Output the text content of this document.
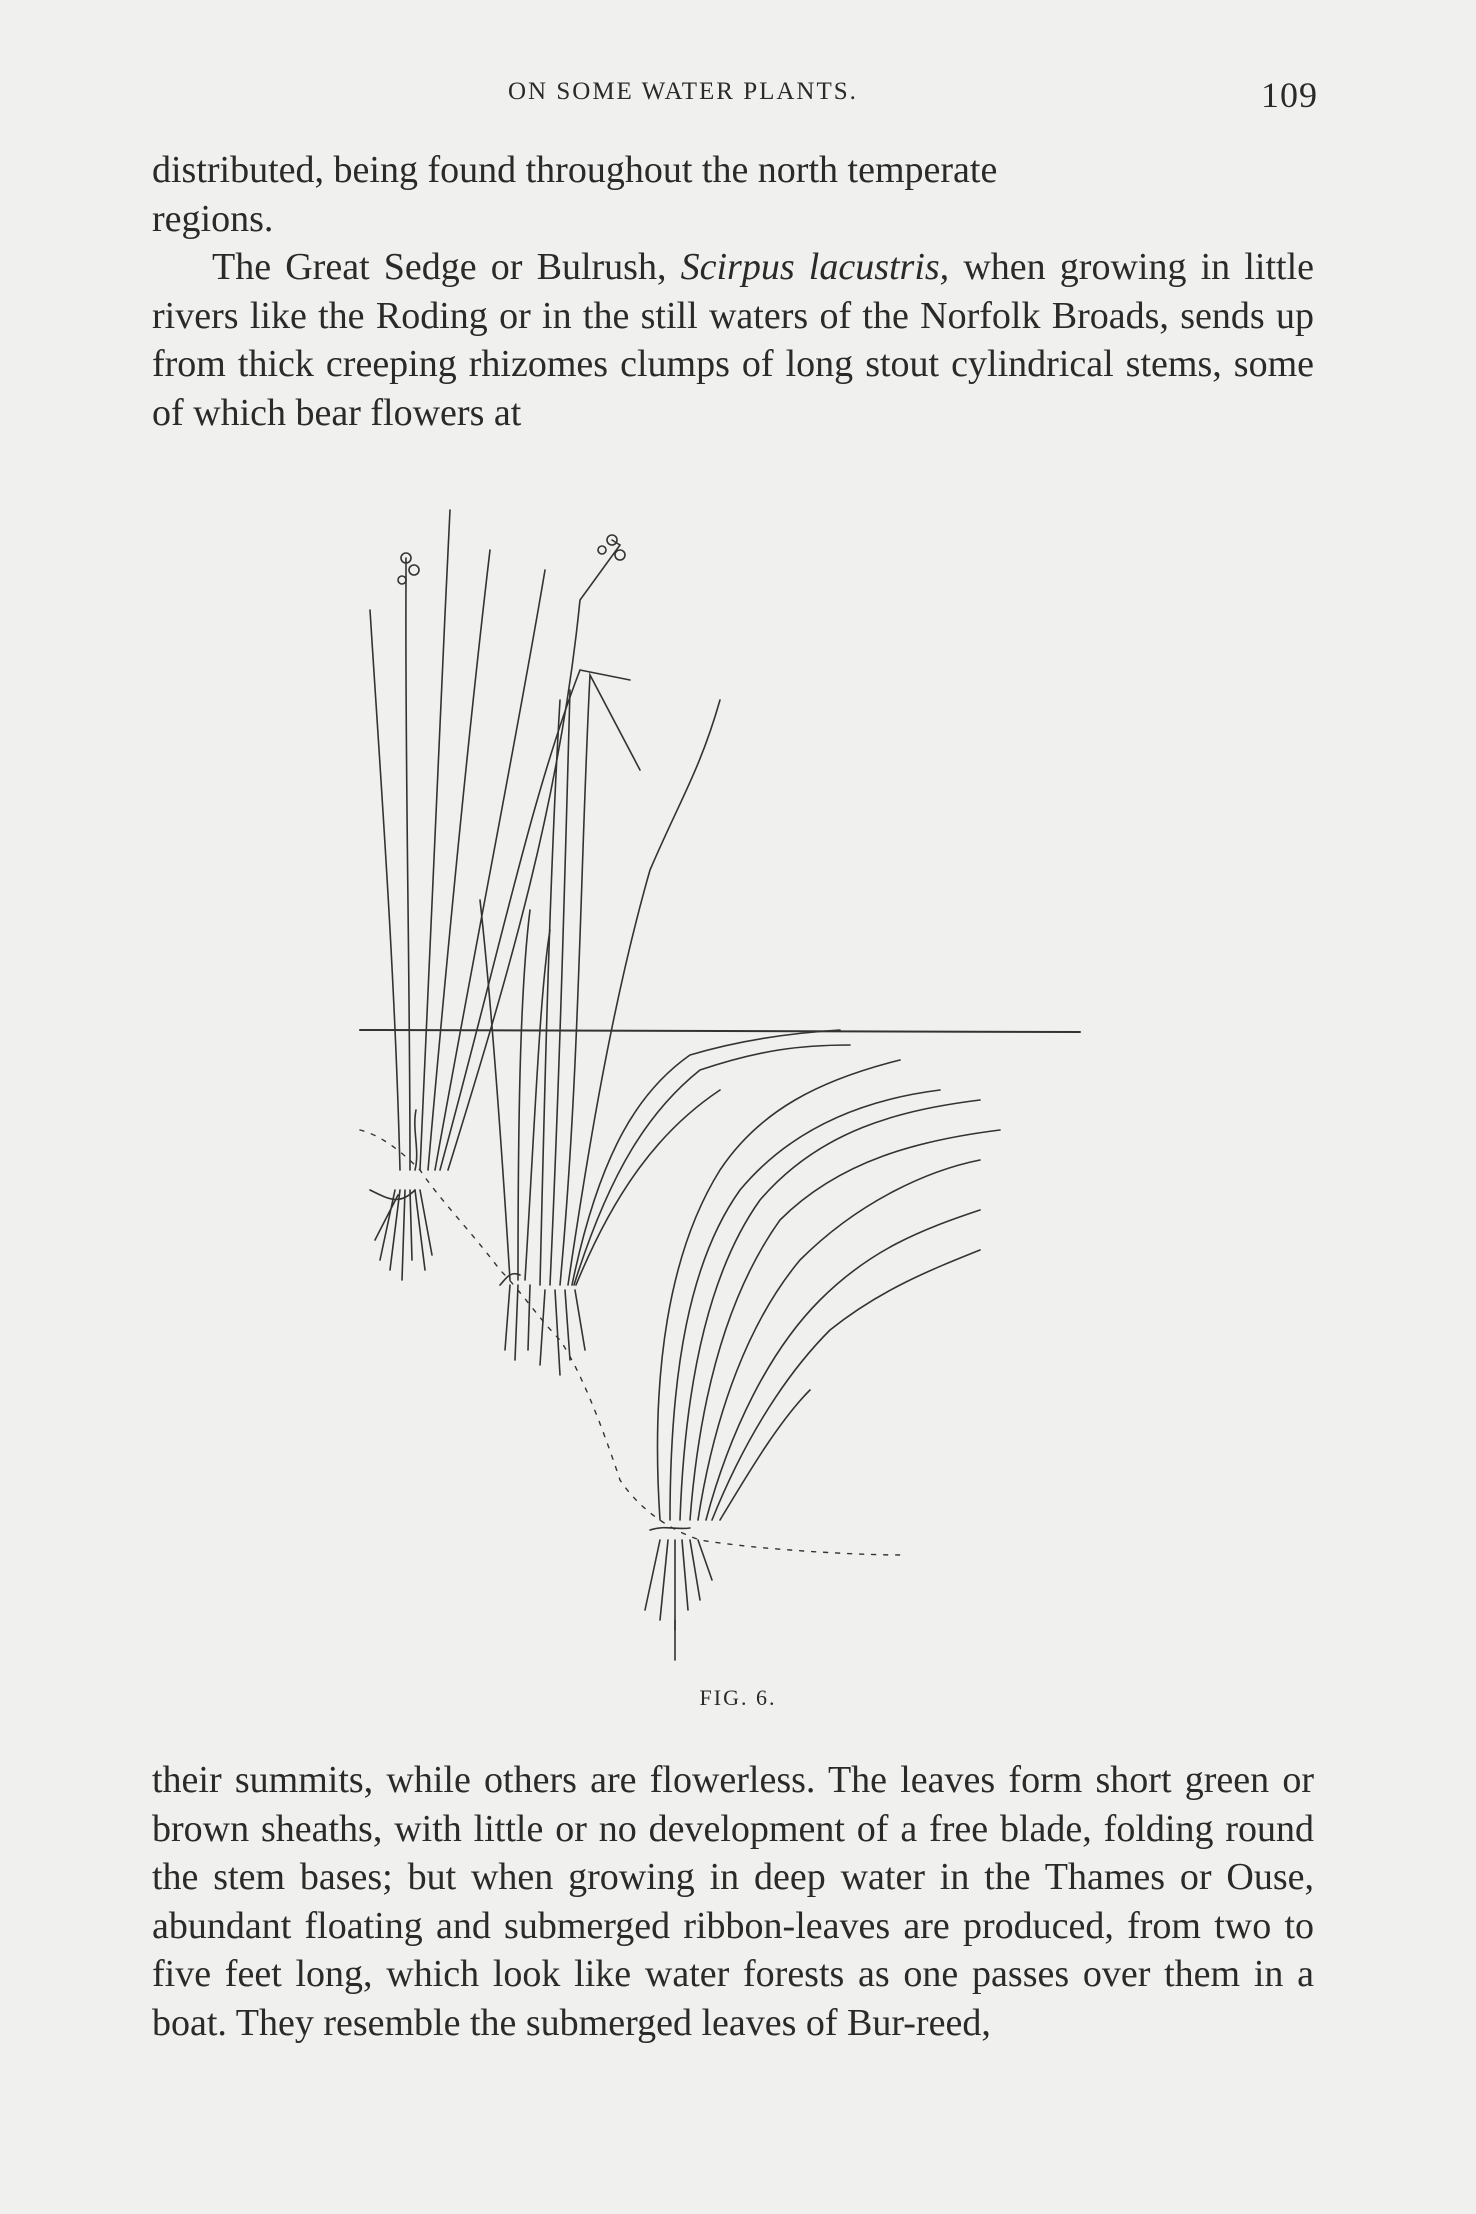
ON SOME WATER PLANTS.	109

distributed, being found throughout the north temperate
regions.

The Great Sedge or Bulrush, Scirpus lacustris, when growing in little rivers like the Roding or in the still waters of the Norfolk Broads, sends up from thick creeping rhizomes clumps of long stout cylindrical stems, some of which bear flowers at

FIG. 6.

their summits, while others are flowerless. The leaves form short green or brown sheaths, with little or no development of a free blade, folding round the stem bases; but when growing in deep water in the Thames or Ouse, abundant floating and submerged ribbon-leaves are produced, from two to five feet long, which look like water forests as one passes over them in a boat. They resemble the submerged leaves of Bur-reed,
